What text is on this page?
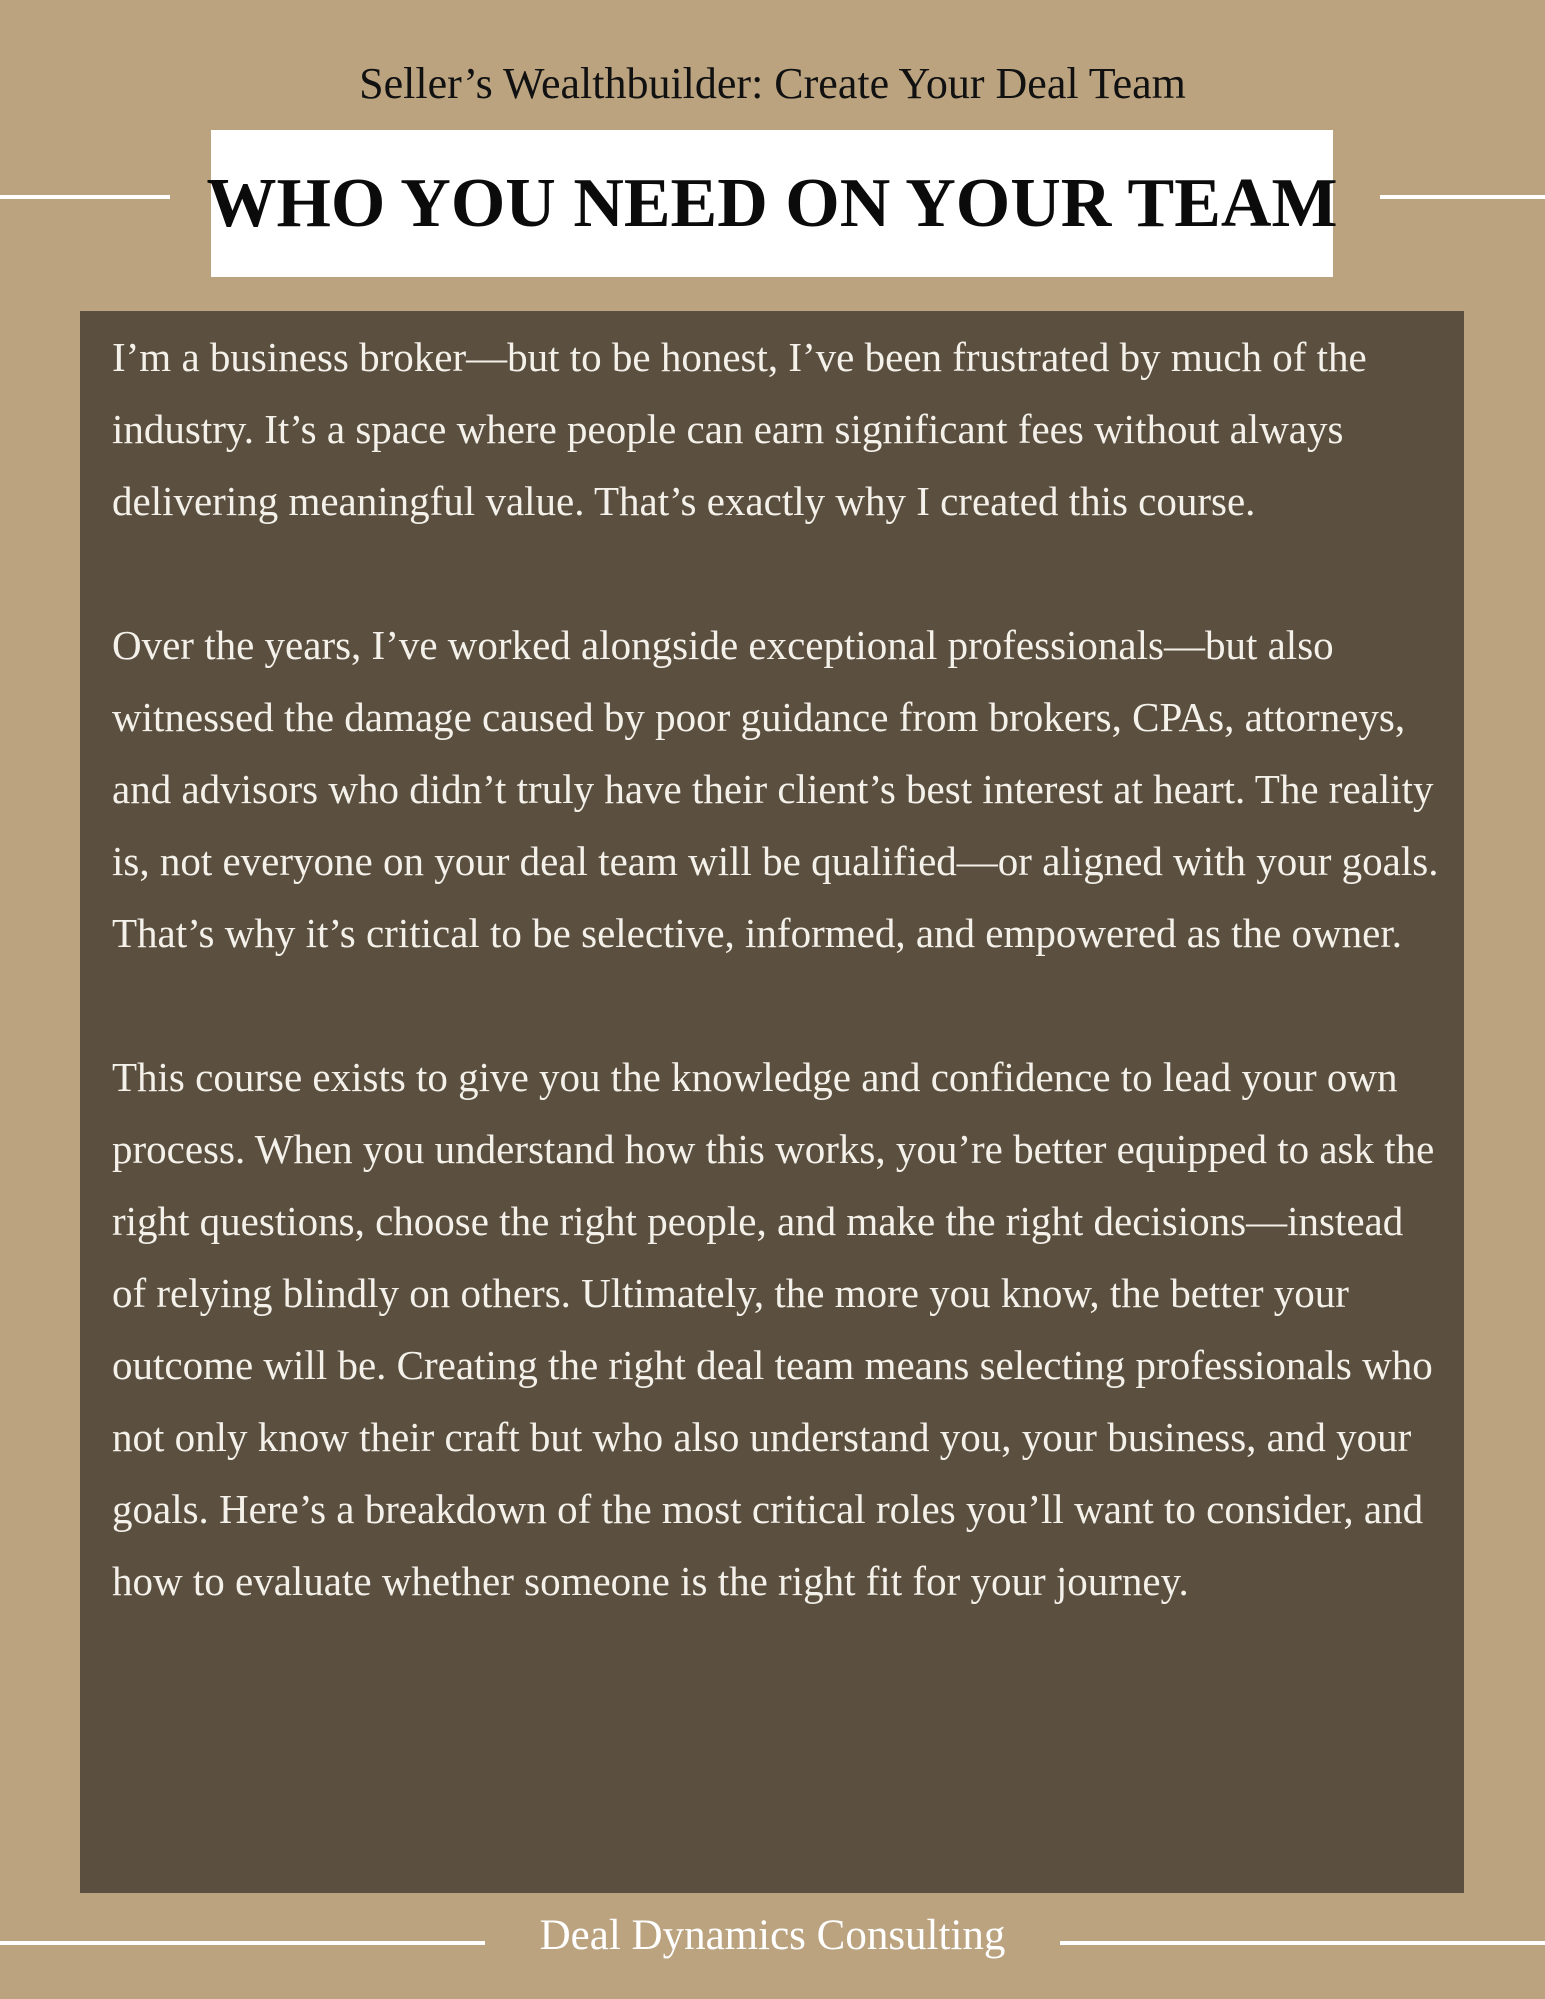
Seller’s Wealthbuilder: Create Your Deal Team
WHO YOU NEED ON YOUR TEAM

I’m a business broker—but to be honest, I’ve been frustrated by much of the industry. It’s a space where people can earn significant fees without always delivering meaningful value. That’s exactly why I created this course.

Over the years, I’ve worked alongside exceptional professionals—but also witnessed the damage caused by poor guidance from brokers, CPAs, attorneys, and advisors who didn’t truly have their client’s best interest at heart. The reality is, not everyone on your deal team will be qualified—or aligned with your goals. That’s why it’s critical to be selective, informed, and empowered as the owner.

This course exists to give you the knowledge and confidence to lead your own process. When you understand how this works, you’re better equipped to ask the right questions, choose the right people, and make the right decisions—instead of relying blindly on others. Ultimately, the more you know, the better your outcome will be. Creating the right deal team means selecting professionals who not only know their craft but who also understand you, your business, and your goals. Here’s a breakdown of the most critical roles you’ll want to consider, and how to evaluate whether someone is the right fit for your journey.

Deal Dynamics Consulting
